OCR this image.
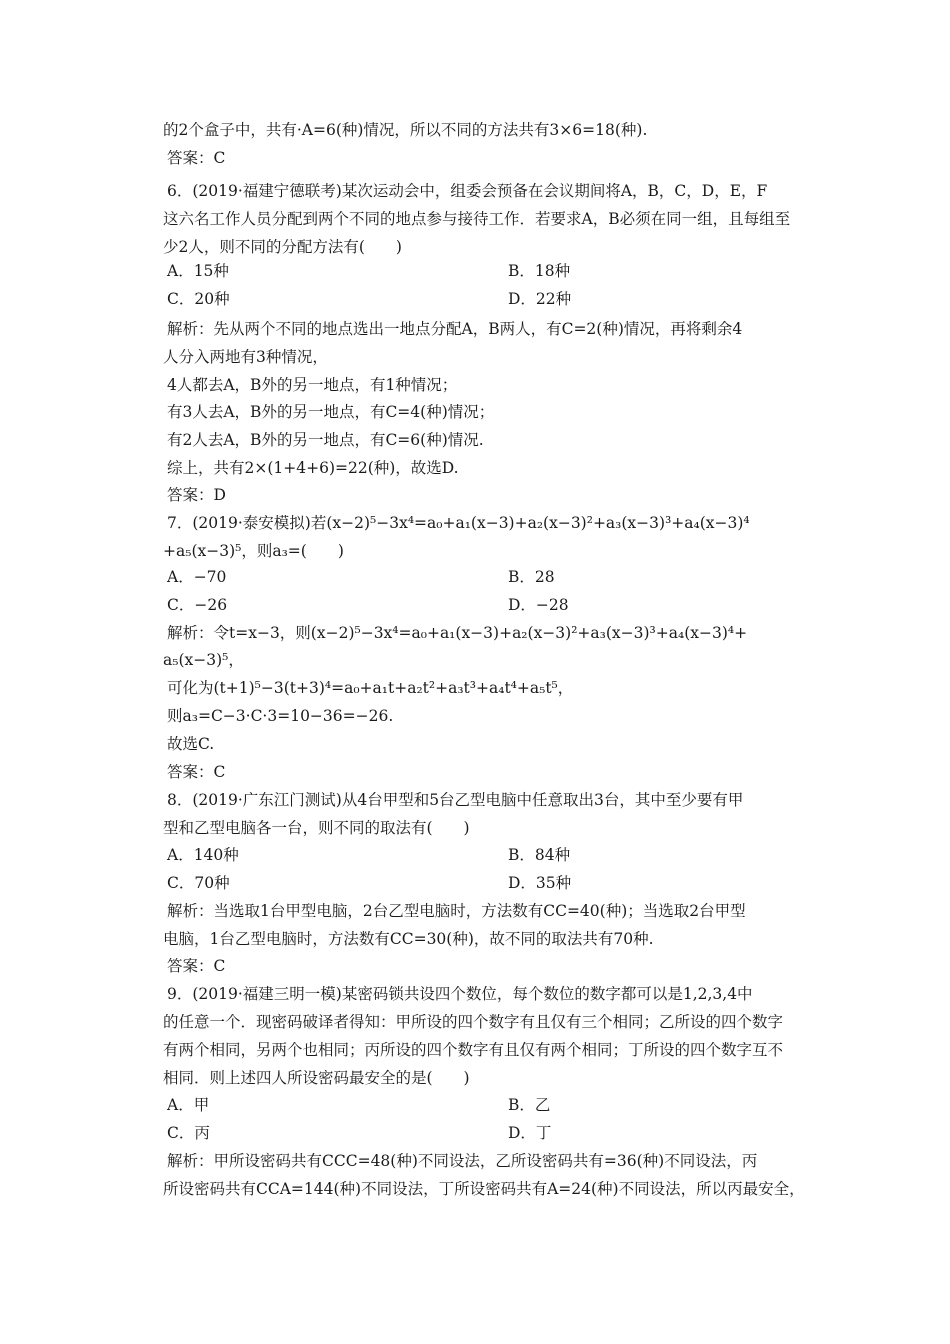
的2个盒子中，共有·A=6(种)情况，所以不同的方法共有3×6=18(种).
答案：C
6．(2019·福建宁德联考)某次运动会中，组委会预备在会议期间将A，B，C，D，E，F
这六名工作人员分配到两个不同的地点参与接待工作．若要求A，B必须在同一组，且每组至
少2人，则不同的分配方法有(　　)
A．15种	B．18种
C．20种	D．22种
解析：先从两个不同的地点选出一地点分配A，B两人，有C=2(种)情况，再将剩余4
人分入两地有3种情况，
4人都去A，B外的另一地点，有1种情况；
有3人去A，B外的另一地点，有C=4(种)情况；
有2人去A，B外的另一地点，有C=6(种)情况.
综上，共有2×(1+4+6)=22(种)，故选D.
答案：D
7．(2019·泰安模拟)若(x−2)⁵−3x⁴=a₀+a₁(x−3)+a₂(x−3)²+a₃(x−3)³+a₄(x−3)⁴
+a₅(x−3)⁵，则a₃=(　　)
A．−70	B．28
C．−26	D．−28
解析：令t=x−3，则(x−2)⁵−3x⁴=a₀+a₁(x−3)+a₂(x−3)²+a₃(x−3)³+a₄(x−3)⁴+
a₅(x−3)⁵，
可化为(t+1)⁵−3(t+3)⁴=a₀+a₁t+a₂t²+a₃t³+a₄t⁴+a₅t⁵，
则a₃=C−3·C·3=10−36=−26.
故选C.
答案：C
8．(2019·广东江门测试)从4台甲型和5台乙型电脑中任意取出3台，其中至少要有甲
型和乙型电脑各一台，则不同的取法有(　　)
A．140种	B．84种
C．70种	D．35种
解析：当选取1台甲型电脑，2台乙型电脑时，方法数有CC=40(种)；当选取2台甲型
电脑，1台乙型电脑时，方法数有CC=30(种)，故不同的取法共有70种.
答案：C
9．(2019·福建三明一模)某密码锁共设四个数位，每个数位的数字都可以是1,2,3,4中
的任意一个．现密码破译者得知：甲所设的四个数字有且仅有三个相同；乙所设的四个数字
有两个相同，另两个也相同；丙所设的四个数字有且仅有两个相同；丁所设的四个数字互不
相同．则上述四人所设密码最安全的是(　　)
A．甲	B．乙
C．丙	D．丁
解析：甲所设密码共有CCC=48(种)不同设法，乙所设密码共有=36(种)不同设法，丙
所设密码共有CCA=144(种)不同设法，丁所设密码共有A=24(种)不同设法，所以丙最安全，
